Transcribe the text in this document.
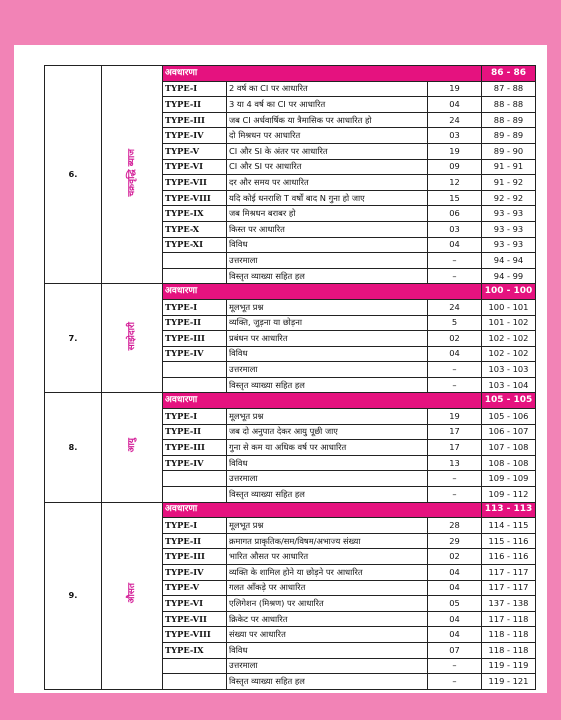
6.	चक्रवृद्धि ब्याज	अवधारणा			86 - 86
		TYPE-I	2 वर्ष का CI पर आधारित	19	87 - 88
		TYPE-II	3 या 4 वर्ष का CI पर आधारित	04	88 - 88
		TYPE-III	जब CI अर्धवार्षिक या त्रैमासिक पर आधारित हो	24	88 - 89
		TYPE-IV	दो मिश्रधन पर आधारित	03	89 - 89
		TYPE-V	CI और SI के अंतर पर आधारित	19	89 - 90
		TYPE-VI	CI और SI पर आधारित	09	91 - 91
		TYPE-VII	दर और समय पर आधारित	12	91 - 92
		TYPE-VIII	यदि कोई धनराशि T वर्षों बाद N गुना हो जाए	15	92 - 92
		TYPE-IX	जब मिश्रधन बराबर हो	06	93 - 93
		TYPE-X	किस्त पर आधारित	03	93 - 93
		TYPE-XI	विविध	04	93 - 93
			उत्तरमाला	–	94 - 94
			विस्तृत व्याख्या सहित हल	–	94 - 99
7.	साझेदारी	अवधारणा			100 - 100
		TYPE-I	मूलभूत प्रश्न	24	100 - 101
		TYPE-II	व्यक्ति, जुड़ना या छोड़ना	5	101 - 102
		TYPE-III	प्रबंधन पर आधारित	02	102 - 102
		TYPE-IV	विविध	04	102 - 102
			उत्तरमाला	–	103 - 103
			विस्तृत व्याख्या सहित हल	–	103 - 104
8.	आयु	अवधारणा			105 - 105
		TYPE-I	मूलभूत प्रश्न	19	105 - 106
		TYPE-II	जब दो अनुपात देकर आयु पूछी जाए	17	106 - 107
		TYPE-III	गुना से कम या अधिक वर्ष पर आधारित	17	107 - 108
		TYPE-IV	विविध	13	108 - 108
			उत्तरमाला	–	109 - 109
			विस्तृत व्याख्या सहित हल	–	109 - 112
9.	औसत	अवधारणा			113 - 113
		TYPE-I	मूलभूत प्रश्न	28	114 - 115
		TYPE-II	क्रमागत प्राकृतिक/सम/विषम/अभाज्य संख्या	29	115 - 116
		TYPE-III	भारित औसत पर आधारित	02	116 - 116
		TYPE-IV	व्यक्ति के शामिल होने या छोड़ने पर आधारित	04	117 - 117
		TYPE-V	गलत आँकड़े पर आधारित	04	117 - 117
		TYPE-VI	एलिगेशन (मिश्रण) पर आधारित	05	137 - 138
		TYPE-VII	क्रिकेट पर आधारित	04	117 - 118
		TYPE-VIII	संख्या पर आधारित	04	118 - 118
		TYPE-IX	विविध	07	118 - 118
			उत्तरमाला	–	119 - 119
			विस्तृत व्याख्या सहित हल	–	119 - 121
